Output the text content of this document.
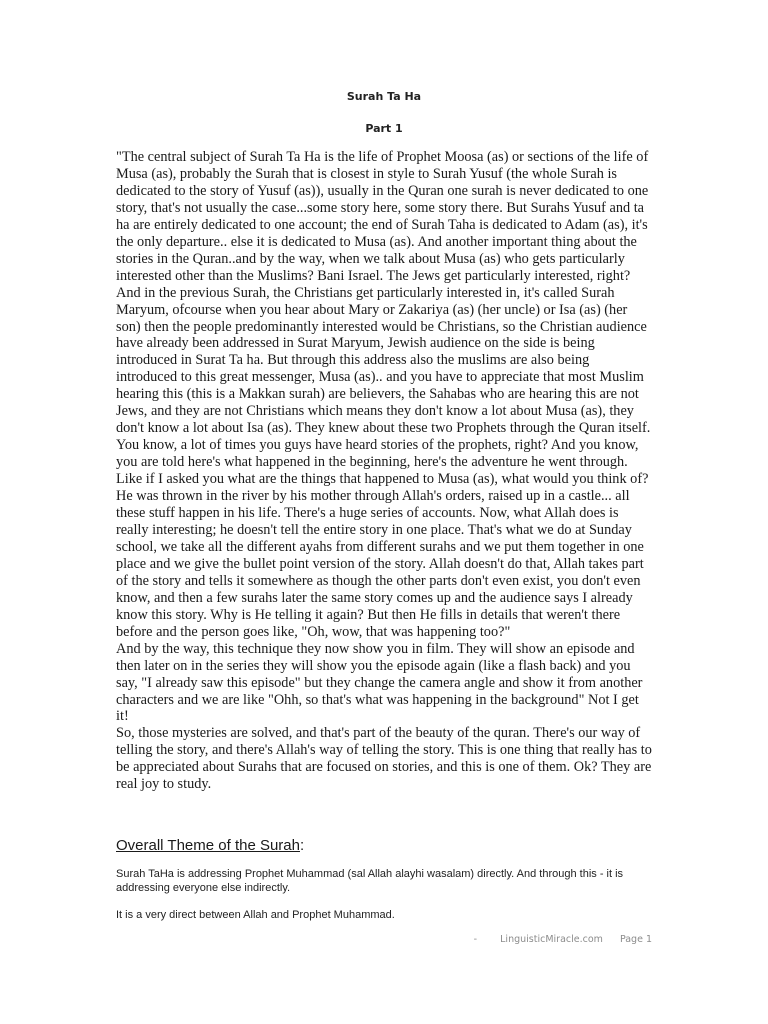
Surah Ta Ha
Part 1

"The central subject of Surah Ta Ha is the life of Prophet Moosa (as) or sections of the life of Musa (as), probably the Surah that is closest in style to Surah Yusuf (the whole Surah is dedicated to the story of Yusuf (as)), usually in the Quran one surah is never dedicated to one story, that's not usually the case...some story here, some story there. But Surahs Yusuf and ta ha are entirely dedicated to one account; the end of Surah Taha is dedicated to Adam (as), it's the only departure.. else it is dedicated to Musa (as). And another important thing about the stories in the Quran..and by the way, when we talk about Musa (as) who gets particularly interested other than the Muslims? Bani Israel. The Jews get particularly interested, right? And in the previous Surah, the Christians get particularly interested in, it's called Surah Maryum, ofcourse when you hear about Mary or Zakariya (as) (her uncle) or Isa (as) (her son) then the people predominantly interested would be Christians, so the Christian audience have already been addressed in Surat Maryum, Jewish audience on the side is being introduced in Surat Ta ha. But through this address also the muslims are also being introduced to this great messenger, Musa (as).. and you have to appreciate that most Muslim hearing this (this is a Makkan surah) are believers, the Sahabas who are hearing this are not Jews, and they are not Christians which means they don't know a lot about Musa (as), they don't know a lot about Isa (as). They knew about these two Prophets through the Quran itself. You know, a lot of times you guys have heard stories of the prophets, right? And you know, you are told here's what happened in the beginning, here's the adventure he went through. Like if I asked you what are the things that happened to Musa (as), what would you think of?

He was thrown in the river by his mother through Allah's orders, raised up in a castle... all these stuff happen in his life. There's a huge series of accounts. Now, what Allah does is really interesting; he doesn't tell the entire story in one place. That's what we do at Sunday school, we take all the different ayahs from different surahs and we put them together in one place and we give the bullet point version of the story. Allah doesn't do that, Allah takes part of the story and tells it somewhere as though the other parts don't even exist, you don't even know, and then a few surahs later the same story comes up and the audience says I already know this story. Why is He telling it again? But then He fills in details that weren't there before and the person goes like, "Oh, wow, that was happening too?"

And by the way, this technique they now show you in film. They will show an episode and then later on in the series they will show you the episode again (like a flash back) and you say, "I already saw this episode" but they change the camera angle and show it from another characters and we are like "Ohh, so that's what was happening in the background" Not I get it!

So, those mysteries are solved, and that's part of the beauty of the quran. There's our way of telling the story, and there's Allah's way of telling the story. This is one thing that really has to be appreciated about Surahs that are focused on stories, and this is one of them. Ok? They are real joy to study.

Overall Theme of the Surah:
Surah TaHa is addressing Prophet Muhammad (sal Allah alayhi wasalam) directly. And through this - it is addressing everyone else indirectly.
It is a very direct between Allah and Prophet Muhammad.
- LinguisticMiracle.com Page 1
